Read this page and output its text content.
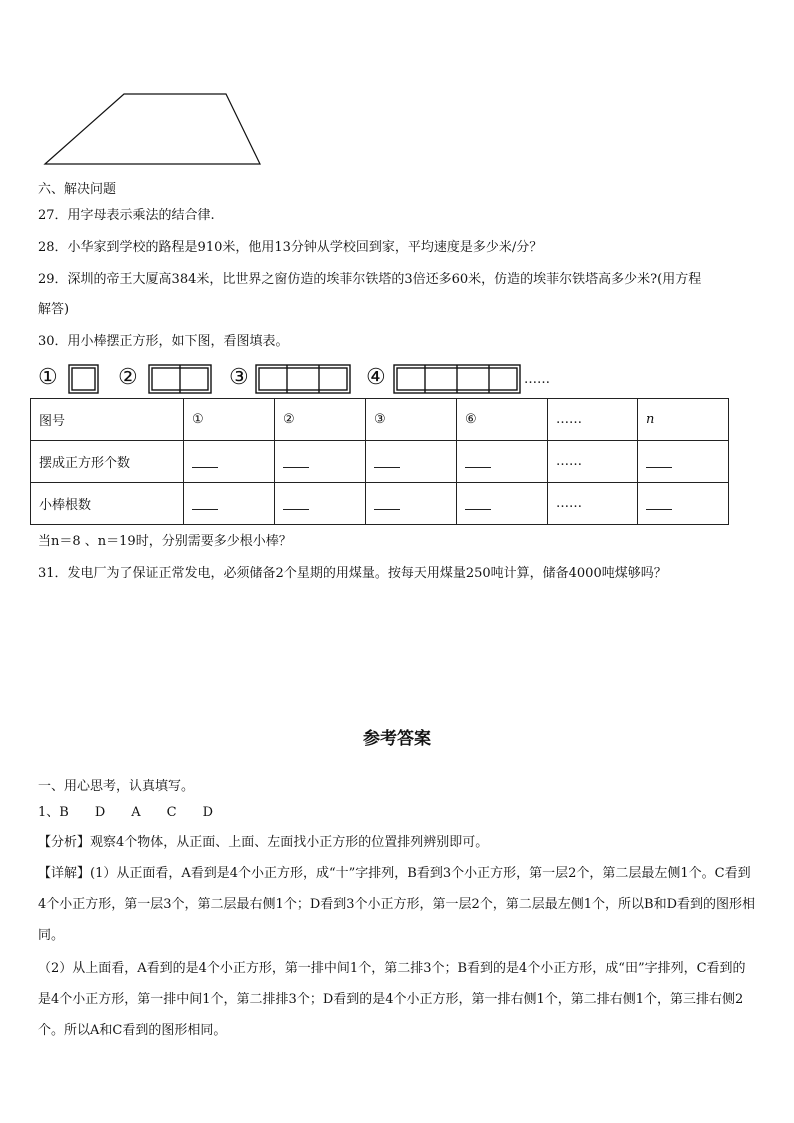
六、解决问题
27．用字母表示乘法的结合律.
28．小华家到学校的路程是910米，他用13分钟从学校回到家，平均速度是多少米/分？
29．深圳的帝王大厦高384米，比世界之窗仿造的埃菲尔铁塔的3倍还多60米，仿造的埃菲尔铁塔高多少米?(用方程
解答)
30．用小棒摆正方形，如下图，看图填表。
①	②	③	④	……
图号	①	②	③	⑥	……	n
摆成正方形个数					……	
小棒根数					……	
当n＝8 、n＝19时，分别需要多少根小棒？
31．发电厂为了保证正常发电，必须储备2个星期的用煤量。按每天用煤量250吨计算，储备4000吨煤够吗？
参考答案
一、用心思考，认真填写。
1、B　　D　　A　　C　　D
【分析】观察4个物体，从正面、上面、左面找小正方形的位置排列辨别即可。
【详解】(1）从正面看，A看到是4个小正方形，成“十”字排列，B看到3个小正方形，第一层2个，第二层最左侧1个。C看到4个小正方形，第一层3个，第二层最右侧1个；D看到3个小正方形，第一层2个，第二层最左侧1个，所以B和D看到的图形相同。
（2）从上面看，A看到的是4个小正方形，第一排中间1个，第二排3个；B看到的是4个小正方形，成“田”字排列，C看到的是4个小正方形，第一排中间1个，第二排排3个；D看到的是4个小正方形，第一排右侧1个，第二排右侧1个，第三排右侧2个。所以A和C看到的图形相同。
